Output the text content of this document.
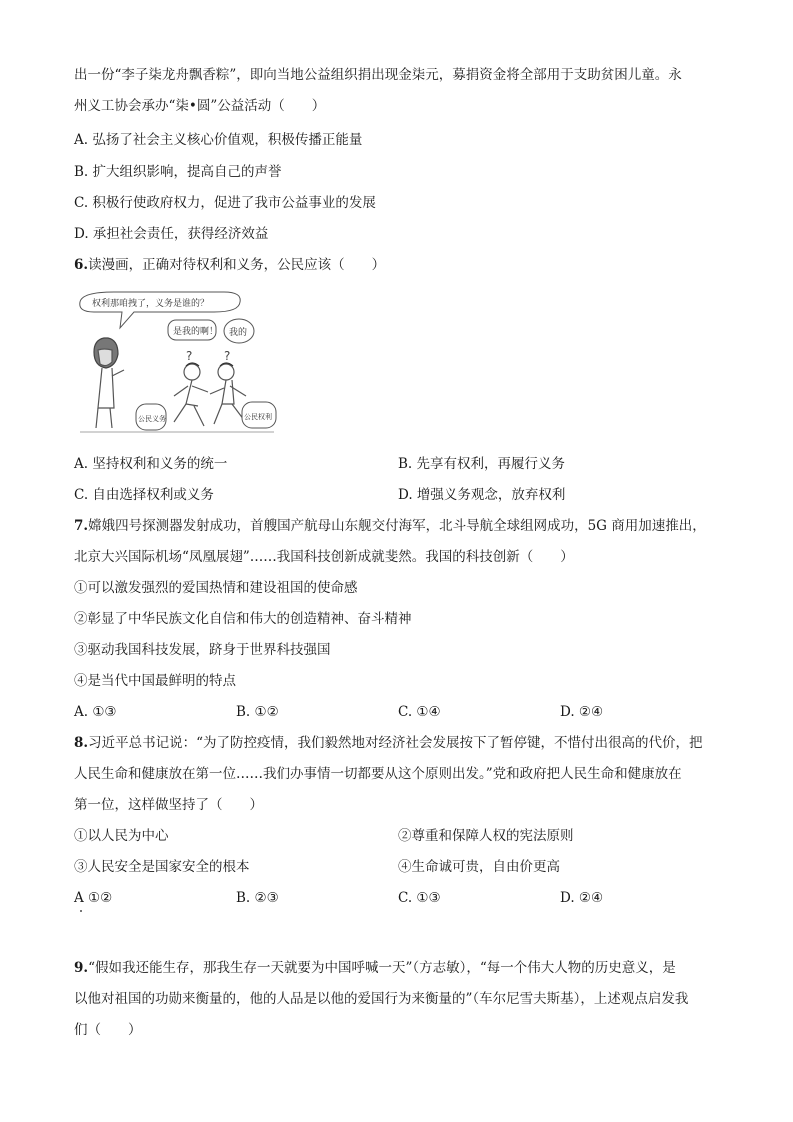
出一份“李子柒龙舟飘香粽”，即向当地公益组织捐出现金柒元，募捐资金将全部用于支助贫困儿童。永
州义工协会承办“柒•圆”公益活动（　　）
A. 弘扬了社会主义核心价值观，积极传播正能量
B. 扩大组织影响，提高自己的声誉
C. 积极行使政府权力，促进了我市公益事业的发展
D. 承担社会责任，获得经济效益
6.读漫画，正确对待权利和义务，公民应该（　　）
权利那咱拽了，义务是谁的？
是我的啊！ 我的
?	?
公民义务	公民权利
A. 坚持权利和义务的统一	B. 先享有权利，再履行义务
C. 自由选择权利或义务	D. 增强义务观念，放弃权利
7.嫦娥四号探测器发射成功，首艘国产航母山东舰交付海军，北斗导航全球组网成功，5G 商用加速推出，
北京大兴国际机场“凤凰展翅”……我国科技创新成就斐然。我国的科技创新（　　）
①可以激发强烈的爱国热情和建设祖国的使命感
②彰显了中华民族文化自信和伟大的创造精神、奋斗精神
③驱动我国科技发展，跻身于世界科技强国
④是当代中国最鲜明的特点
A. ①③	B. ①②	C. ①④	D. ②④
8.习近平总书记说：“为了防控疫情，我们毅然地对经济社会发展按下了暂停键，不惜付出很高的代价，把
人民生命和健康放在第一位……我们办事情一切都要从这个原则出发。”党和政府把人民生命和健康放在
第一位，这样做坚持了（　　）
①以人民为中心	②尊重和保障人权的宪法原则
③人民安全是国家安全的根本	④生命诚可贵，自由价更高
A ①②	B. ②③	C. ①③	D. ②④
9.“假如我还能生存，那我生存一天就要为中国呼喊一天”（方志敏），“每一个伟大人物的历史意义，是
以他对祖国的功勋来衡量的，他的人品是以他的爱国行为来衡量的”（车尔尼雪夫斯基），上述观点启发我
们（　　）
